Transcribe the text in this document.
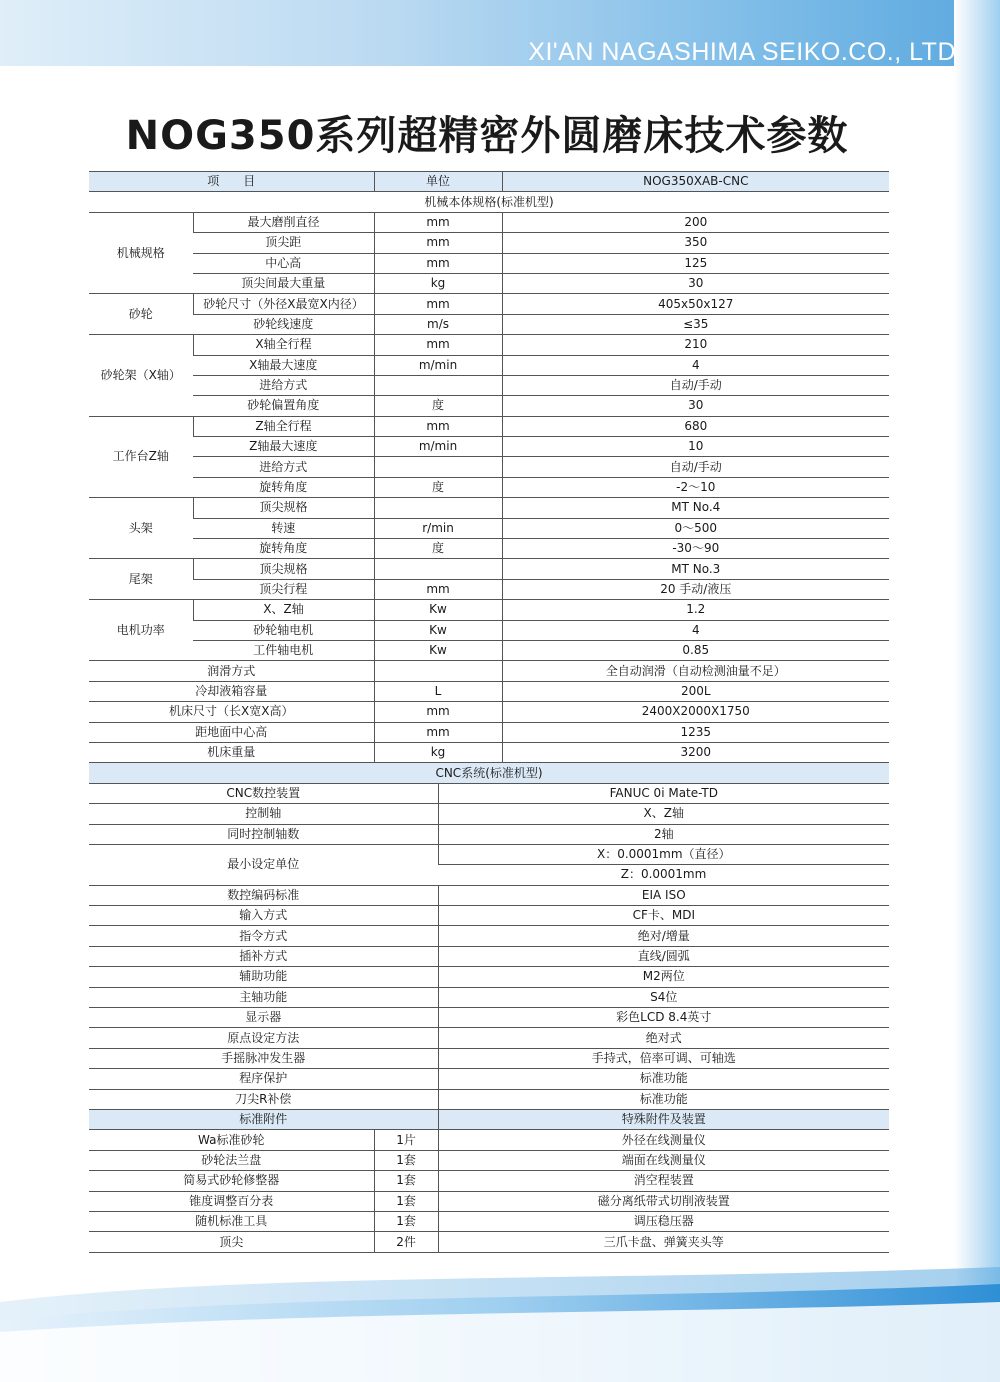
XI'AN NAGASHIMA SEIKO.CO., LTD
NOG350系列超精密外圆磨床技术参数
项　　目		单位		NOG350XAB-CNC
机械本体规格(标准机型)				
机械规格	最大磨削直径	mm		200
	顶尖距	mm		350
	中心高	mm		125
	顶尖间最大重量	kg		30
砂轮	砂轮尺寸（外径X最宽X内径）	mm		405x50x127
	砂轮线速度	m/s		≤35
砂轮架（X轴）	X轴全行程	mm		210
	X轴最大速度	m/min		4
	进给方式			自动/手动
	砂轮偏置角度	度		30
工作台Z轴	Z轴全行程	mm		680
	Z轴最大速度	m/min		10
	进给方式			自动/手动
	旋转角度	度		-2～10
头架	顶尖规格			MT No.4
	转速	r/min		0～500
	旋转角度	度		-30～90
尾架	顶尖规格			MT No.3
	顶尖行程	mm		20 手动/液压
电机功率	X、Z轴	Kw		1.2
	砂轮轴电机	Kw		4
	工件轴电机	Kw		0.85
润滑方式				全自动润滑（自动检测油量不足）
冷却液箱容量		L		200L
机床尺寸（长X宽X高）		mm		2400X2000X1750
距地面中心高		mm		1235
机床重量		kg		3200
CNC系统(标准机型)				
CNC数控装置			FANUC 0i Mate-TD	
控制轴			X、Z轴	
同时控制轴数			2轴	
最小设定单位			X：0.0001mm（直径）	
			Z：0.0001mm	
数控编码标准			EIA ISO	
输入方式			CF卡、MDI	
指令方式			绝对/增量	
插补方式			直线/圆弧	
辅助功能			M2两位	
主轴功能			S4位	
显示器			彩色LCD 8.4英寸	
原点设定方法			绝对式	
手摇脉冲发生器			手持式，倍率可调、可轴选	
程序保护			标准功能	
刀尖R补偿			标准功能	
标准附件			特殊附件及装置	
Wa标准砂轮		1片	外径在线测量仪	
砂轮法兰盘		1套	端面在线测量仪	
简易式砂轮修整器		1套	消空程装置	
锥度调整百分表		1套	磁分离纸带式切削液装置	
随机标准工具		1套	调压稳压器	
顶尖		2件	三爪卡盘、弹簧夹头等	
